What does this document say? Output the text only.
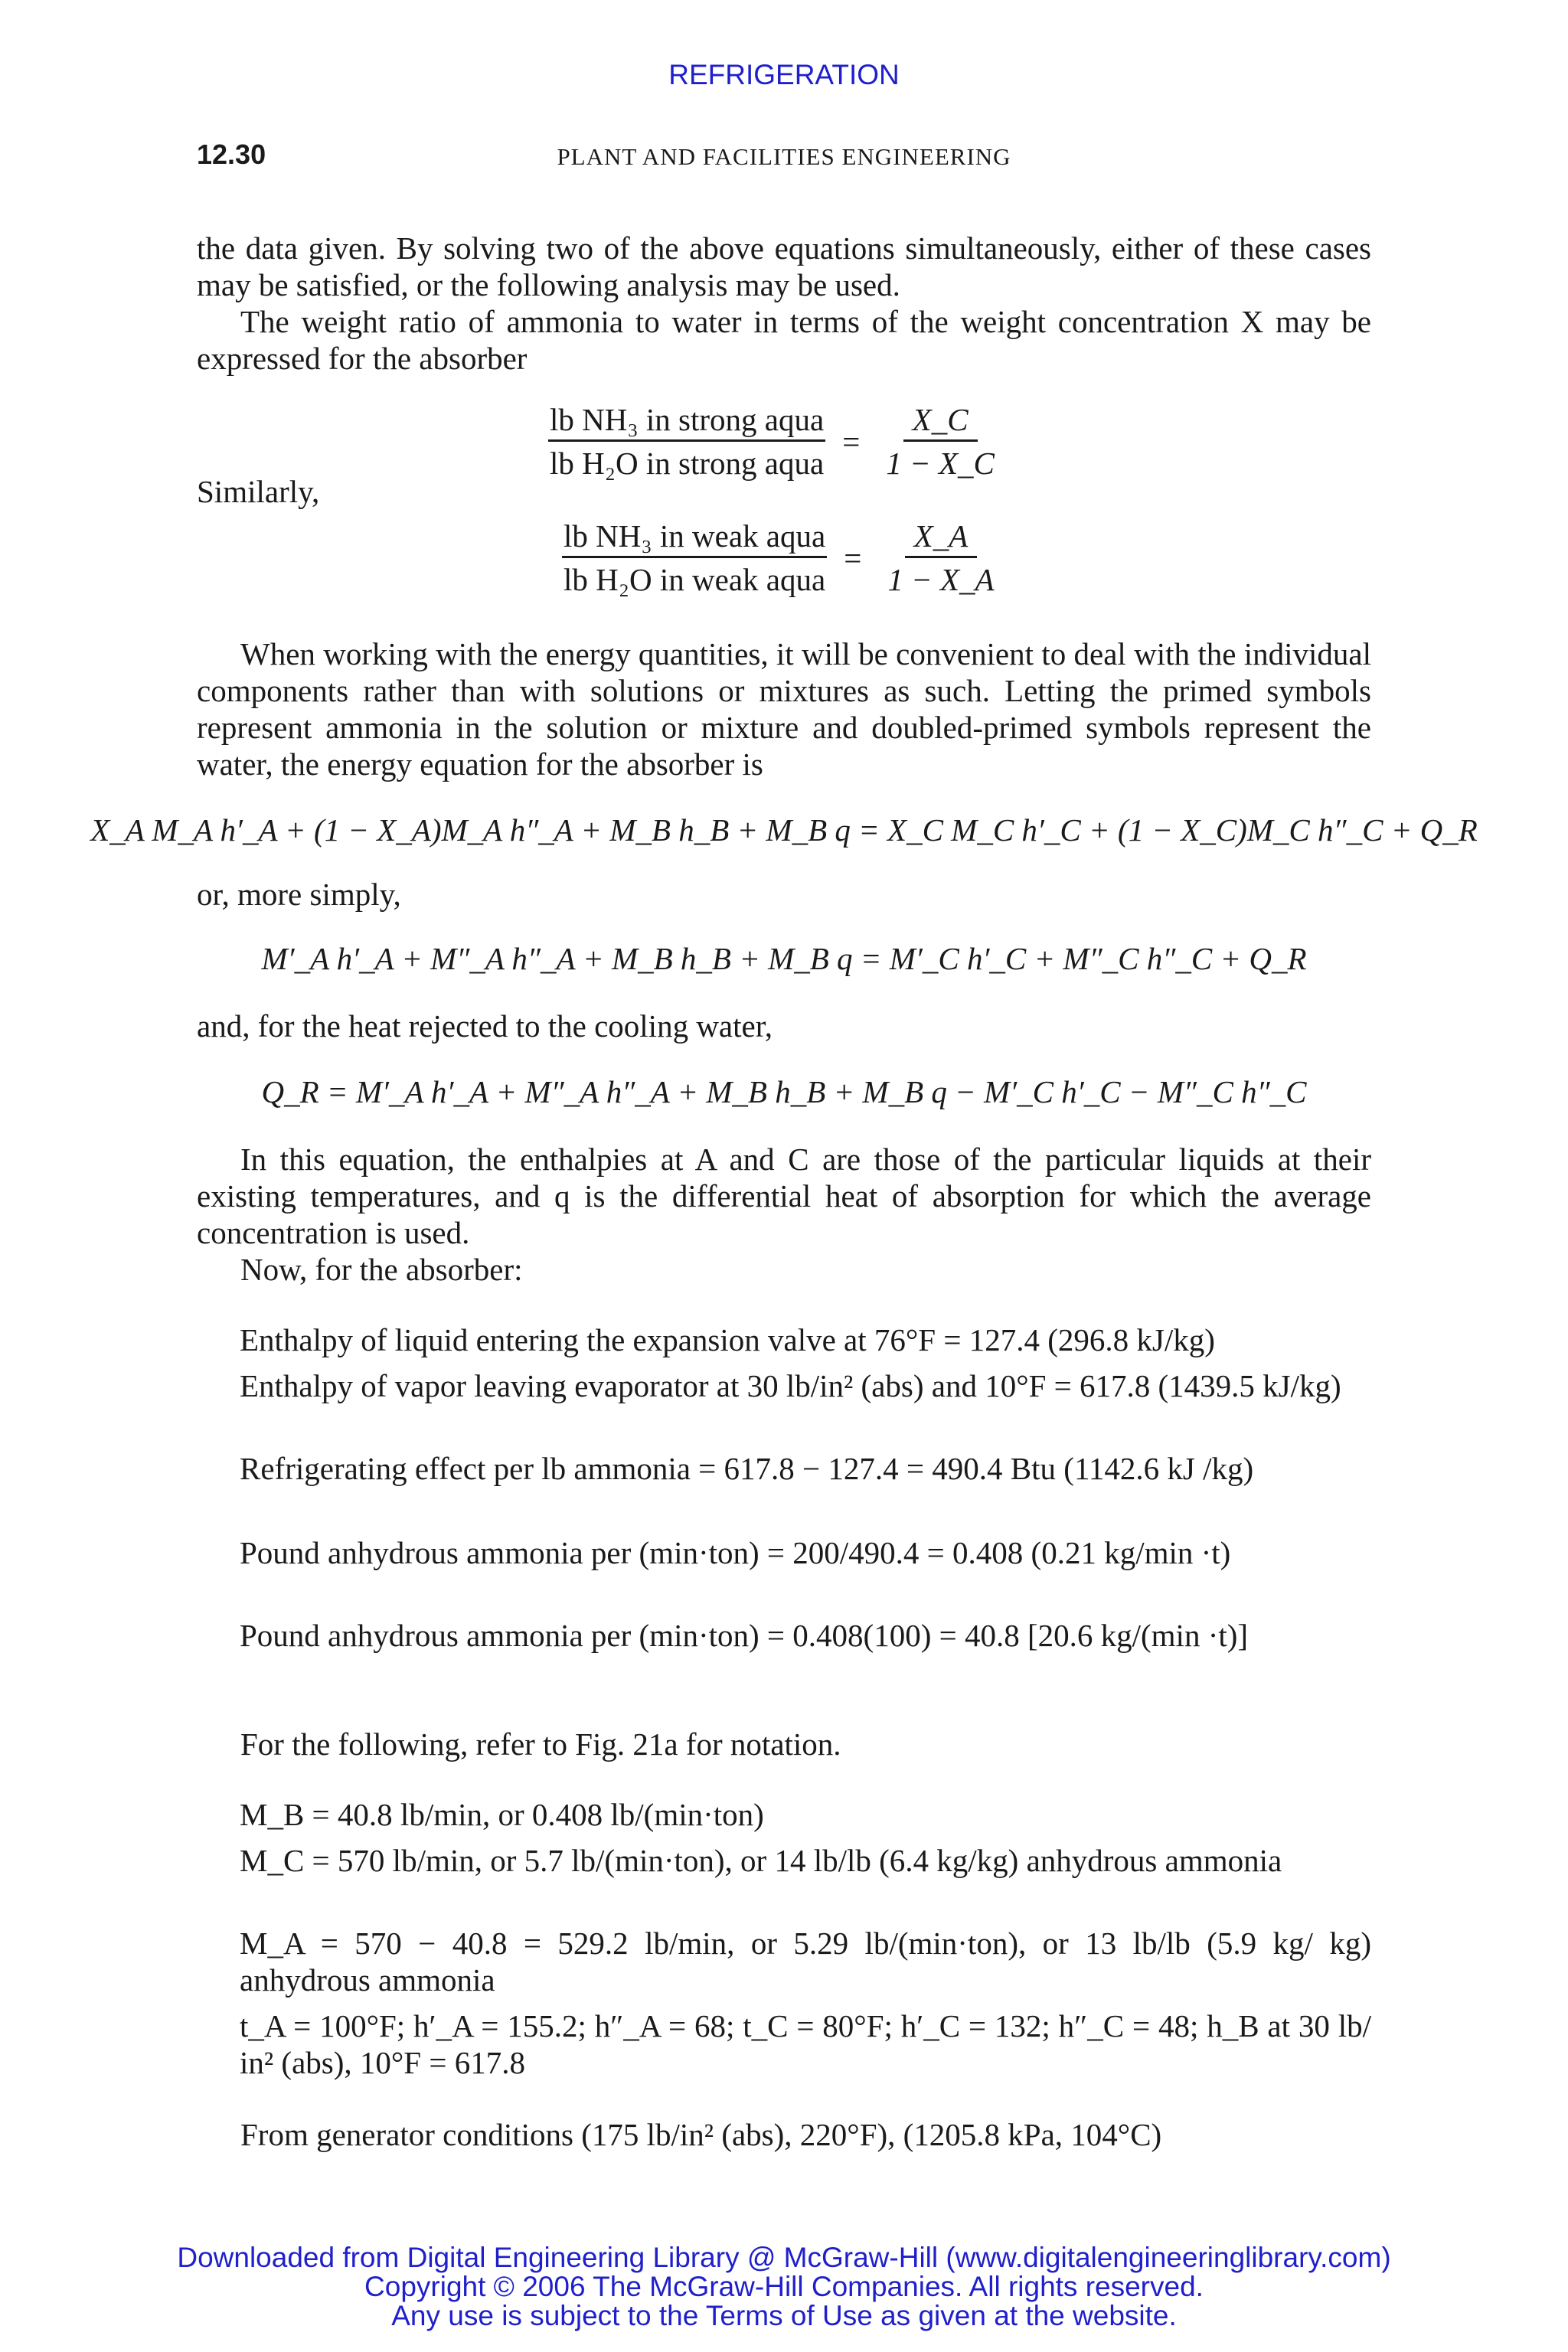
REFRIGERATION
12.30	PLANT AND FACILITIES ENGINEERING

the data given. By solving two of the above equations simultaneously, either of these cases may be satisfied, or the following analysis may be used.

The weight ratio of ammonia to water in terms of the weight concentration X may be expressed for the absorber

$\frac{\text{lb NH₃ in strong aqua}}{\text{lb H₂O in strong aqua}} = \frac{X\_C}{1 - X\_C}$
Similarly,
$\frac{\text{lb NH₃ in weak aqua}}{\text{lb H₂O in weak aqua}} = \frac{X\_A}{1 - X\_A}$

When working with the energy quantities, it will be convenient to deal with the individual components rather than with solutions or mixtures as such. Letting the primed symbols represent ammonia in the solution or mixture and doubled-primed symbols represent the water, the energy equation for the absorber is

X_A M_A h′_A + (1 − X_A)M_A h″_A + M_B h_B + M_B q = X_C M_C h′_C + (1 − X_C)M_C h″_C + Q_R

or, more simply,

M′_A h′_A + M″_A h″_A + M_B h_B + M_B q = M′_C h′_C + M″_C h″_C + Q_R

and, for the heat rejected to the cooling water,

Q_R = M′_A h′_A + M″_A h″_A + M_B h_B + M_B q − M′_C h′_C − M″_C h″_C

In this equation, the enthalpies at A and C are those of the particular liquids at their existing temperatures, and q is the differential heat of absorption for which the average concentration is used.

Now, for the absorber:

Enthalpy of liquid entering the expansion valve at 76°F = 127.4 (296.8 kJ/kg)

Enthalpy of vapor leaving evaporator at 30 lb/in² (abs) and 10°F = 617.8 (1439.5 kJ/kg)

Refrigerating effect per lb ammonia = 617.8 − 127.4 = 490.4 Btu (1142.6 kJ /kg)

Pound anhydrous ammonia per (min·ton) = 200/490.4 = 0.408 (0.21 kg/min ·t)

Pound anhydrous ammonia per (min·ton) = 0.408(100) = 40.8 [20.6 kg/(min ·t)]

For the following, refer to Fig. 21a for notation.

M_B = 40.8 lb/min, or 0.408 lb/(min·ton)

M_C = 570 lb/min, or 5.7 lb/(min·ton), or 14 lb/lb (6.4 kg/kg) anhydrous ammonia

M_A = 570 − 40.8 = 529.2 lb/min, or 5.29 lb/(min·ton), or 13 lb/lb (5.9 kg/ kg) anhydrous ammonia

t_A = 100°F; h′_A = 155.2; h″_A = 68; t_C = 80°F; h′_C = 132; h″_C = 48; h_B at 30 lb/ in² (abs), 10°F = 617.8

From generator conditions (175 lb/in² (abs), 220°F), (1205.8 kPa, 104°C)

Downloaded from Digital Engineering Library @ McGraw-Hill (www.digitalengineeringlibrary.com)
Copyright © 2006 The McGraw-Hill Companies. All rights reserved.
Any use is subject to the Terms of Use as given at the website.
